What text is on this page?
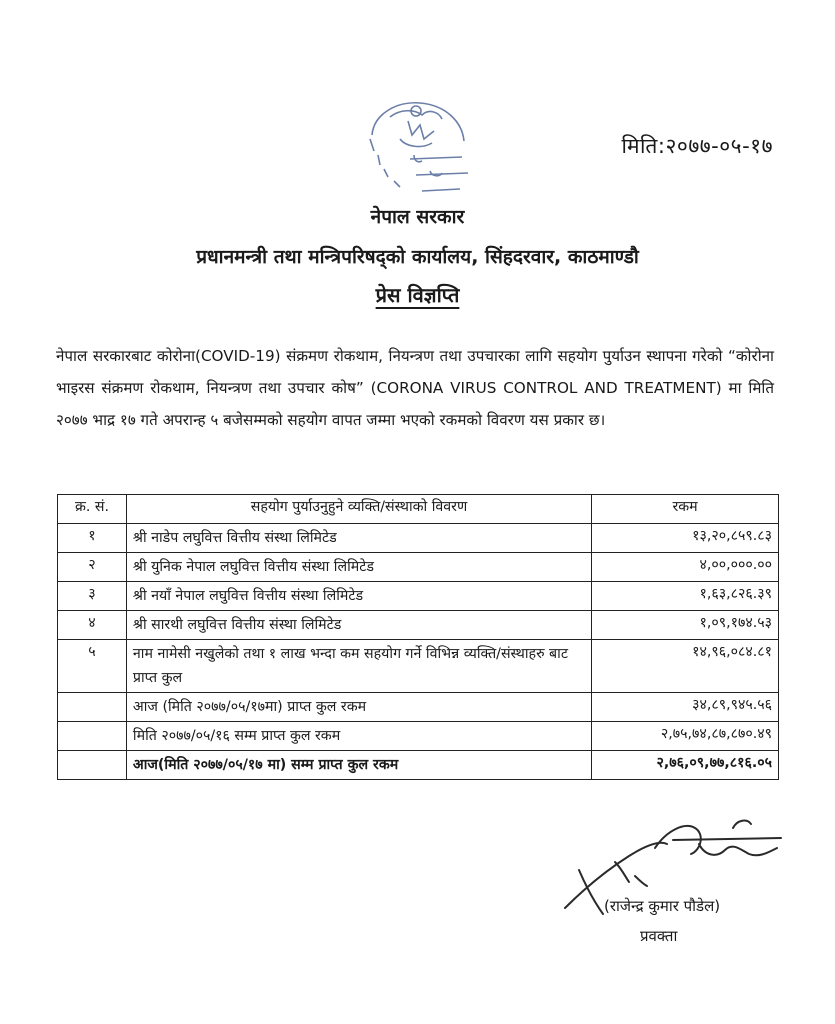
मिति:२०७७-०५-१७
नेपाल सरकार
प्रधानमन्त्री तथा मन्त्रिपरिषद्को कार्यालय, सिंहदरवार, काठमाण्डौ
प्रेस विज्ञप्ति
नेपाल सरकारबाट कोरोना(COVID-19) संक्रमण रोकथाम, नियन्त्रण तथा उपचारका लागि सहयोग पुर्याउन स्थापना गरेको “कोरोना भाइरस संक्रमण रोकथाम, नियन्त्रण तथा उपचार कोष” (CORONA VIRUS CONTROL AND TREATMENT) मा मिति २०७७ भाद्र १७ गते अपरान्ह ५ बजेसम्मको सहयोग वापत जम्मा भएको रकमको विवरण यस प्रकार छ।
क्र. सं.	सहयोग पुर्याउनुहुने व्यक्ति/संस्थाको विवरण	रकम
१	श्री नाडेप लघुवित्त वित्तीय संस्था लिमिटेड	१३,२०,८५९.८३
२	श्री युनिक नेपाल लघुवित्त वित्तीय संस्था लिमिटेड	४,००,०००.००
३	श्री नयाँ नेपाल लघुवित्त वित्तीय संस्था लिमिटेड	१,६३,८२६.३९
४	श्री सारथी लघुवित्त वित्तीय संस्था लिमिटेड	१,०९,१७४.५३
५	नाम नामेसी नखुलेको तथा १ लाख भन्दा कम सहयोग गर्ने विभिन्न व्यक्ति/संस्थाहरु बाट प्राप्त कुल	१४,९६,०८४.८१
	आज (मिति २०७७/०५/१७मा) प्राप्त कुल रकम	३४,८९,९४५.५६
	मिति २०७७/०५/१६ सम्म प्राप्त कुल रकम	२,७५,७४,८७,८७०.४९
	आज(मिति २०७७/०५/१७ मा) सम्म प्राप्त कुल रकम	२,७६,०९,७७,८१६.०५
(राजेन्द्र कुमार पौडेल)
प्रवक्ता
